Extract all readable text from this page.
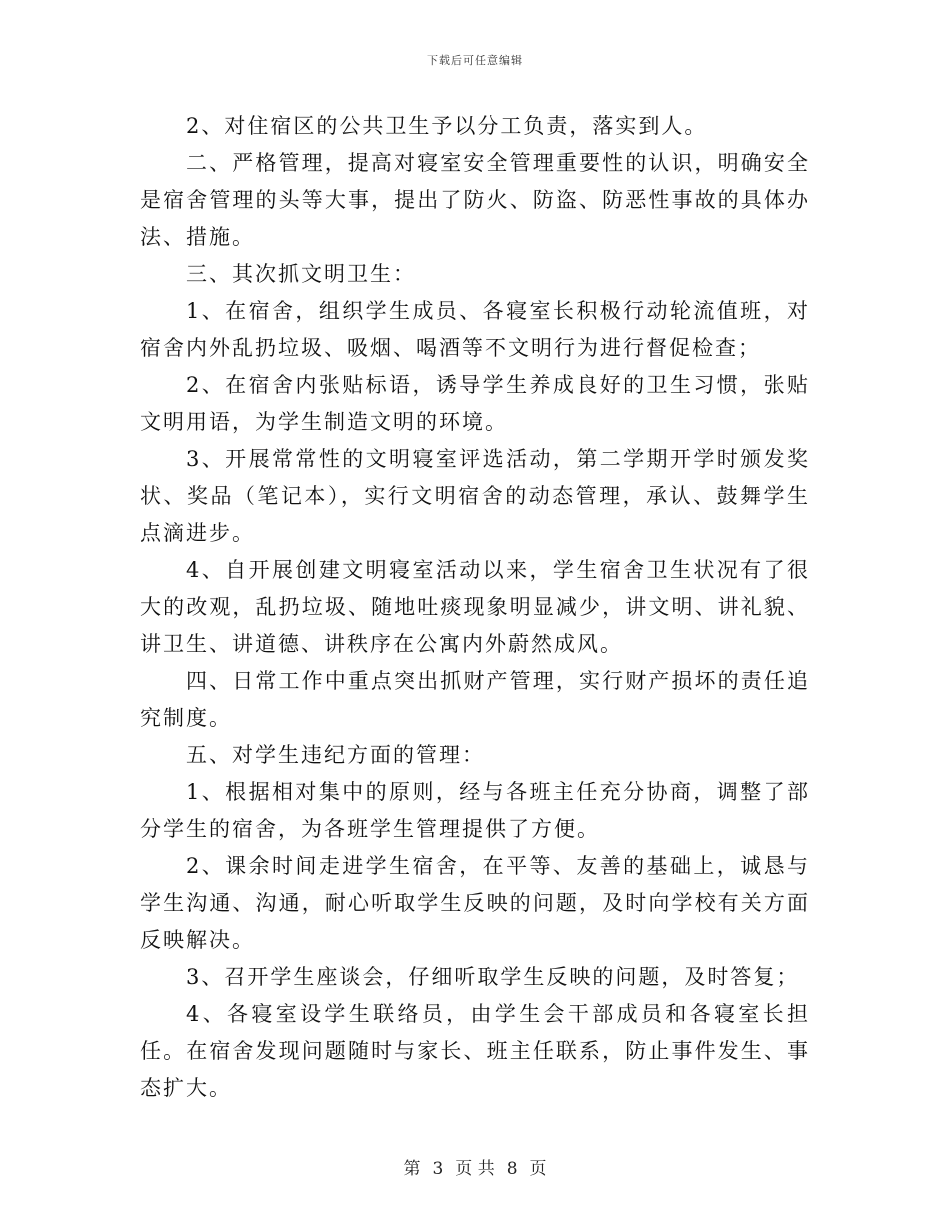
下载后可任意编辑

2、对住宿区的公共卫生予以分工负责，落实到人。

二、严格管理，提高对寝室安全管理重要性的认识，明确安全是宿舍管理的头等大事，提出了防火、防盗、防恶性事故的具体办法、措施。

三、其次抓文明卫生：

1、在宿舍，组织学生成员、各寝室长积极行动轮流值班，对宿舍内外乱扔垃圾、吸烟、喝酒等不文明行为进行督促检查；

2、在宿舍内张贴标语，诱导学生养成良好的卫生习惯，张贴文明用语，为学生制造文明的环境。

3、开展常常性的文明寝室评选活动，第二学期开学时颁发奖状、奖品（笔记本），实行文明宿舍的动态管理，承认、鼓舞学生点滴进步。

4、自开展创建文明寝室活动以来，学生宿舍卫生状况有了很大的改观，乱扔垃圾、随地吐痰现象明显减少，讲文明、讲礼貌、讲卫生、讲道德、讲秩序在公寓内外蔚然成风。

四、日常工作中重点突出抓财产管理，实行财产损坏的责任追究制度。

五、对学生违纪方面的管理：

1、根据相对集中的原则，经与各班主任充分协商，调整了部分学生的宿舍，为各班学生管理提供了方便。

2、课余时间走进学生宿舍，在平等、友善的基础上，诚恳与学生沟通、沟通，耐心听取学生反映的问题，及时向学校有关方面反映解决。

3、召开学生座谈会，仔细听取学生反映的问题，及时答复；

4、各寝室设学生联络员，由学生会干部成员和各寝室长担任。在宿舍发现问题随时与家长、班主任联系，防止事件发生、事态扩大。

第 3 页 共 8 页
